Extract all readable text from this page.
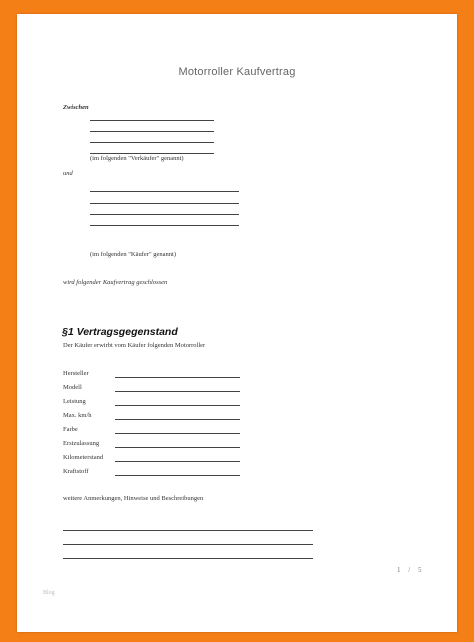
Motorroller Kaufvertrag
Zwischen
(im folgenden "Verkäufer" genannt)
und
(im folgenden "Käufer" genannt)
wird folgender Kaufvertrag geschlossen
§1 Vertragsgegenstand
Der Käufer erwirbt vom Käufer folgenden Motorroller
Hersteller
Modell
Leistung
Max. km/h
Farbe
Erstzulassung
Kilometerstand
Kraftstoff
weitere Anmerkungen, Hinweise und Beschreibungen
1 / 5
Blog
